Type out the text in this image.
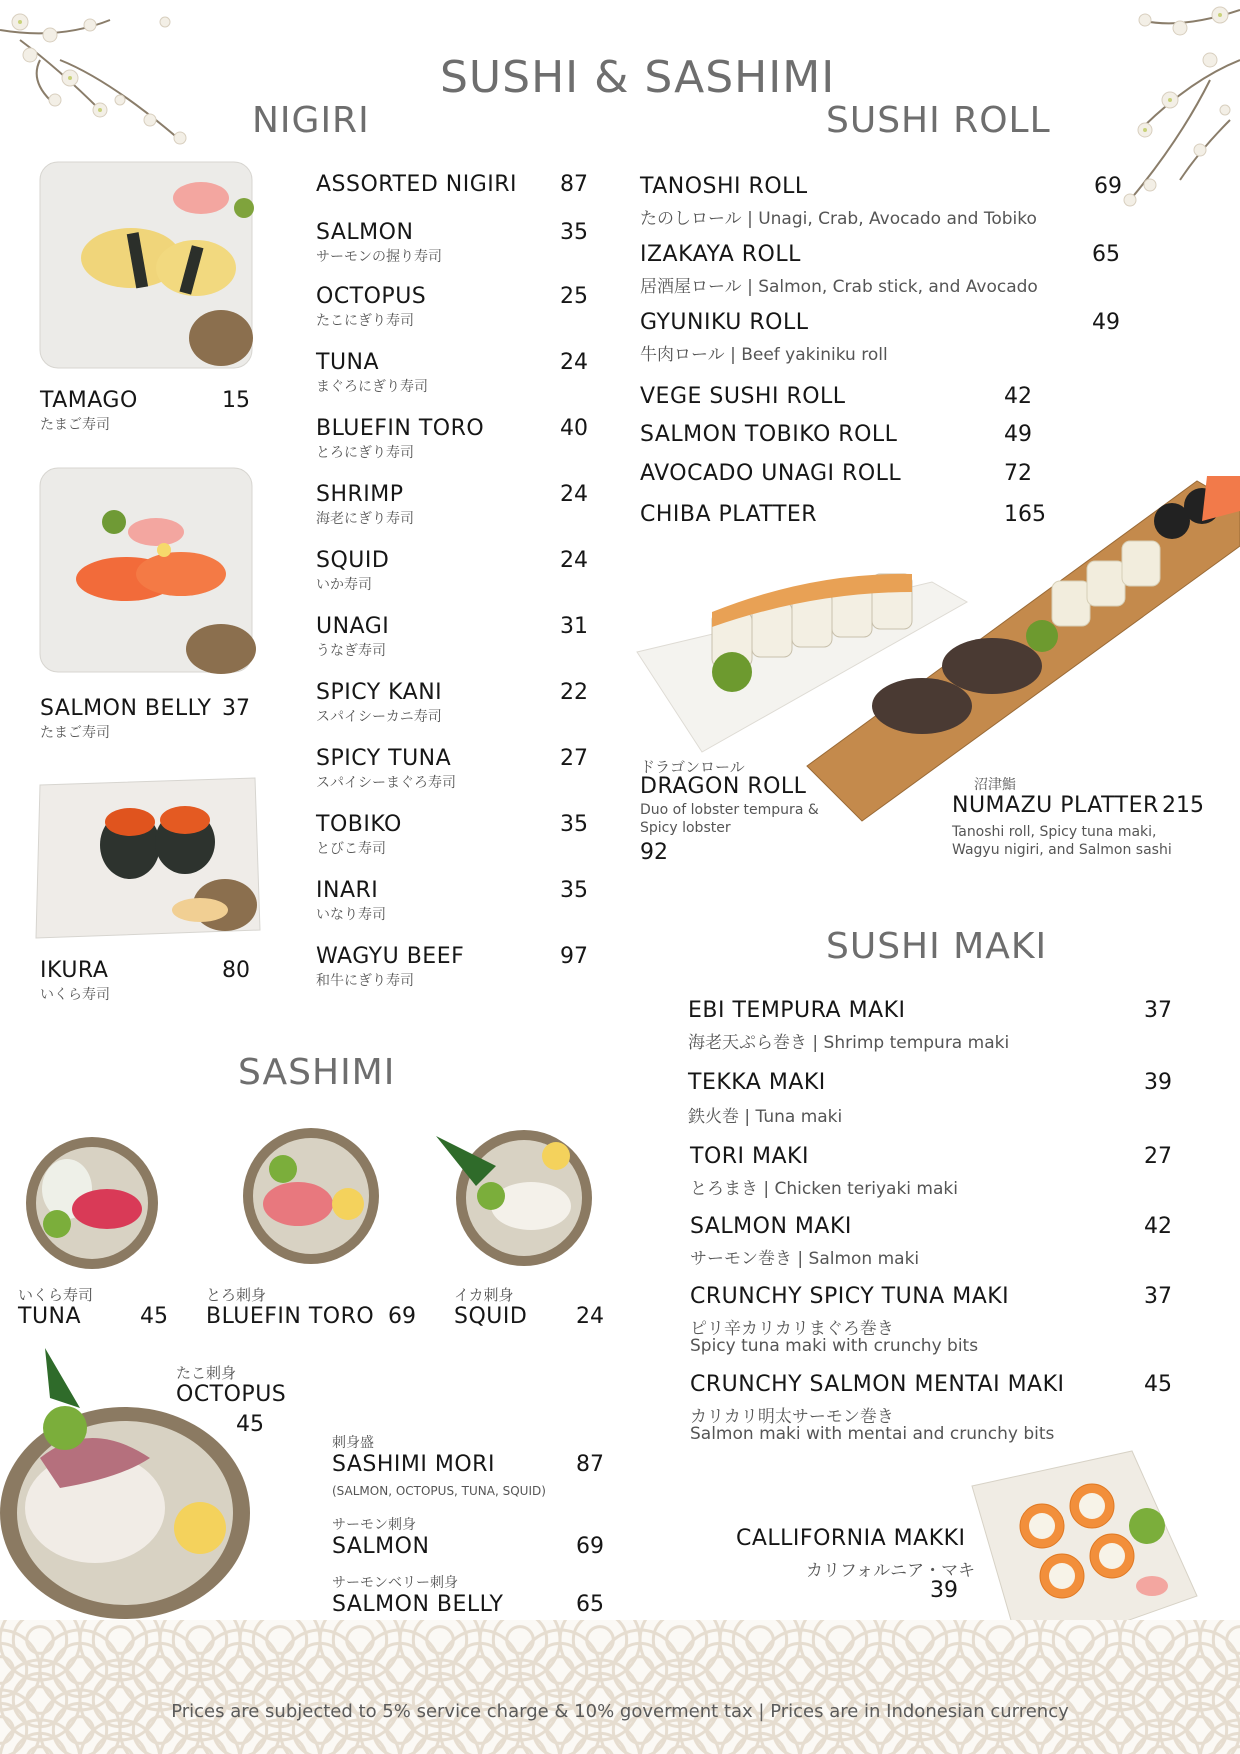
SUSHI & SASHIMI
NIGIRI
TAMAGO	15
たまご寿司
SALMON BELLY 37
たまご寿司
IKURA	80
いくら寿司
ASSORTED NIGIRI 87
SALMON	35
サーモンの握り寿司
OCTOPUS	25
たこにぎり寿司
TUNA	24
まぐろにぎり寿司
BLUEFIN TORO	40
とろにぎり寿司
SHRIMP	24
海老にぎり寿司
SQUID	24
いか寿司
UNAGI	31
うなぎ寿司
SPICY KANI	22
スパイシーカニ寿司
SPICY TUNA	27
スパイシーまぐろ寿司
TOBIKO	35
とびこ寿司
INARI	35
いなり寿司
WAGYU BEEF	97
和牛にぎり寿司
SUSHI ROLL
TANOSHI ROLL	69
たのしロール | Unagi, Crab, Avocado and Tobiko
IZAKAYA ROLL	65
居酒屋ロール | Salmon, Crab stick, and Avocado
GYUNIKU ROLL	49
牛肉ロール | Beef yakiniku roll
VEGE SUSHI ROLL	42
SALMON TOBIKO ROLL	49
AVOCADO UNAGI ROLL	72
CHIBA PLATTER	165
ドラゴンロール
DRAGON ROLL
Duo of lobster tempura &
Spicy lobster
92
沼津鮨
NUMAZU PLATTER 215
Tanoshi roll, Spicy tuna maki,
Wagyu nigiri, and Salmon sashi
SASHIMI
いくら寿司
TUNA	45
とろ刺身
BLUEFIN TORO 69
イカ刺身
SQUID 24
たこ刺身
OCTOPUS
45
刺身盛
SASHIMI MORI	87
(SALMON, OCTOPUS, TUNA, SQUID)
サーモン刺身
SALMON	69
サーモンベリー刺身
SALMON BELLY	65
SUSHI MAKI
EBI TEMPURA MAKI	37
海老天ぷら巻き | Shrimp tempura maki
TEKKA MAKI	39
鉄火巻 | Tuna maki
TORI MAKI	27
とろまき | Chicken teriyaki maki
SALMON MAKI	42
サーモン巻き | Salmon maki
CRUNCHY SPICY TUNA MAKI	37
ピリ辛カリカリまぐろ巻き
Spicy tuna maki with crunchy bits
CRUNCHY SALMON MENTAI MAKI	45
カリカリ明太サーモン巻き
Salmon maki with mentai and crunchy bits
CALLIFORNIA MAKKI
カリフォルニア・マキ
39
Prices are subjected to 5% service charge & 10% goverment tax | Prices are in Indonesian currency
